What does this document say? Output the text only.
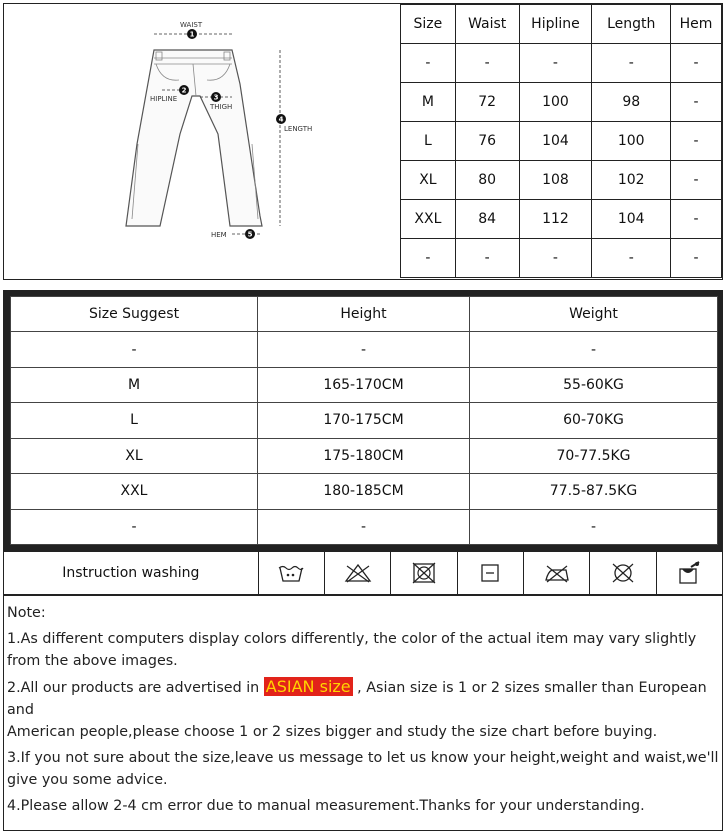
WAIST
HIPLINE
THIGH
LENGTH
HEM
1
2
3
4
5
Size	Waist	Hipline	Length	Hem
-	-	-	-	-
M	72	100	98	-
L	76	104	100	-
XL	80	108	102	-
XXL	84	112	104	-
-	-	-	-	-
Size Suggest	Height	Weight
-	-	-
M	165-170CM	55-60KG
L	170-175CM	60-70KG
XL	175-180CM	70-77.5KG
XXL	180-185CM	77.5-87.5KG
-	-	-
Instruction washing

Note:

1.As different computers display colors differently, the color of the actual item may vary slightly from the above images.

2.All our products are advertised in ASIAN size , Asian size is 1 or 2 sizes smaller than European and

American people,please choose 1 or 2 sizes bigger and study the size chart before buying.

3.If you not sure about the size,leave us message to let us know your height,weight and waist,we'll give you some advice.

4.Please allow 2-4 cm error due to manual measurement.Thanks for your understanding.
